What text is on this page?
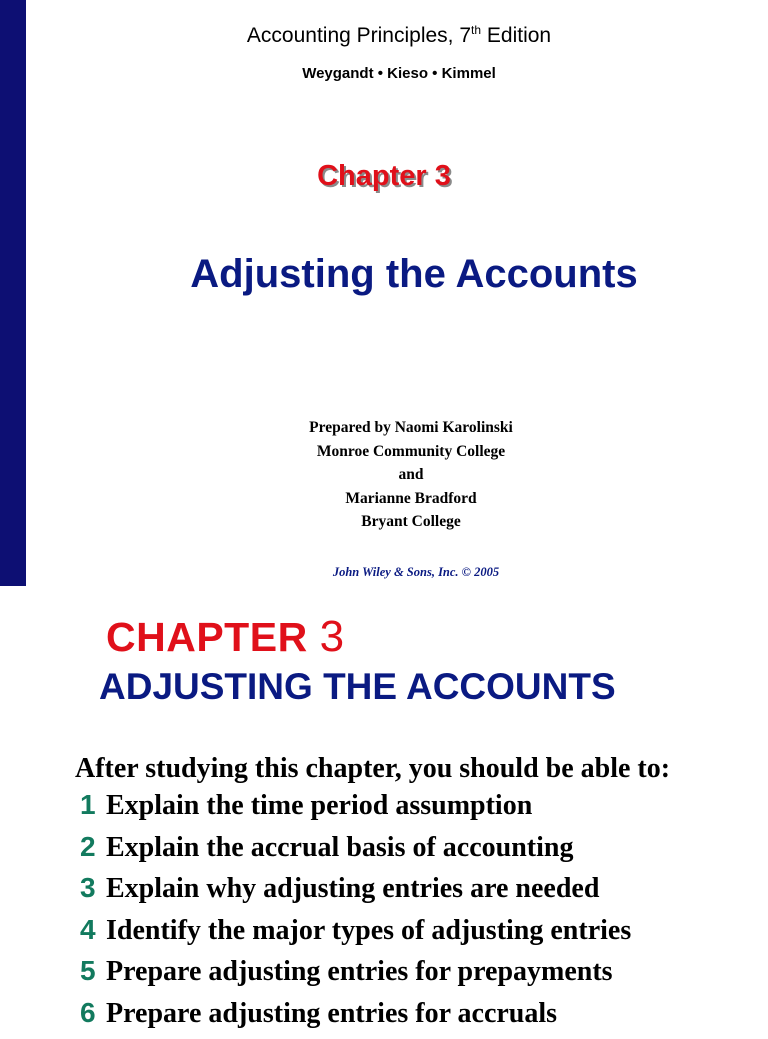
Accounting Principles, 7th Edition
Weygandt • Kieso • Kimmel
Chapter 3
Adjusting the Accounts
Prepared by Naomi Karolinski
Monroe Community College
and
Marianne Bradford
Bryant College
John Wiley & Sons, Inc. © 2005
CHAPTER 3
ADJUSTING THE ACCOUNTS
After studying this chapter, you should be able to:
1 Explain the time period assumption
2 Explain the accrual basis of accounting
3 Explain why adjusting entries are needed
4 Identify the major types of adjusting entries
5 Prepare adjusting entries for prepayments
6 Prepare adjusting entries for accruals
